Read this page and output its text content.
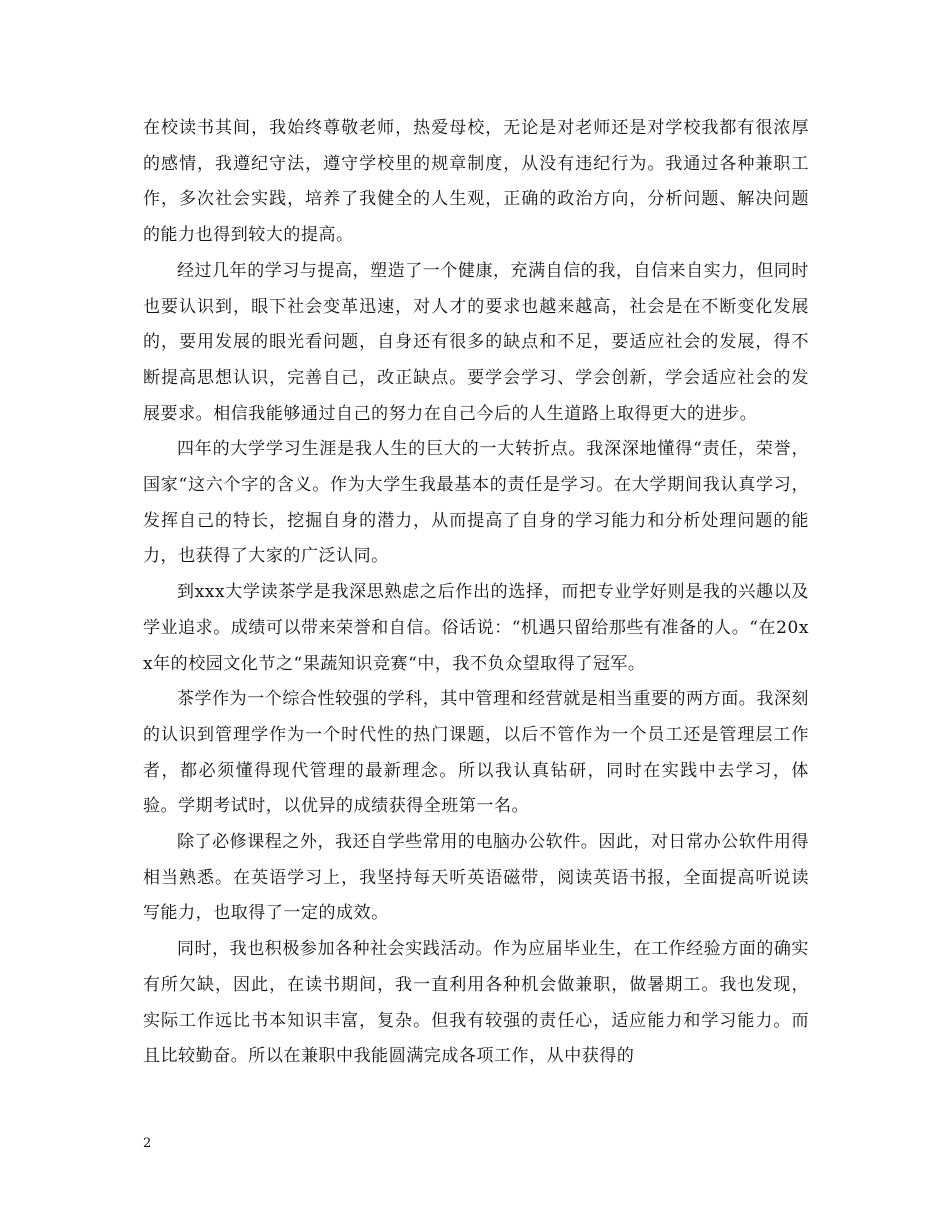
在校读书其间，我始终尊敬老师，热爱母校，无论是对老师还是对学校我都有很浓厚的感情，我遵纪守法，遵守学校里的规章制度，从没有违纪行为。我通过各种兼职工作，多次社会实践，培养了我健全的人生观，正确的政治方向，分析问题、解决问题的能力也得到较大的提高。

经过几年的学习与提高，塑造了一个健康，充满自信的我，自信来自实力，但同时也要认识到，眼下社会变革迅速，对人才的要求也越来越高，社会是在不断变化发展的，要用发展的眼光看问题，自身还有很多的缺点和不足，要适应社会的发展，得不断提高思想认识，完善自己，改正缺点。要学会学习、学会创新，学会适应社会的发展要求。相信我能够通过自己的努力在自己今后的人生道路上取得更大的进步。

四年的大学学习生涯是我人生的巨大的一大转折点。我深深地懂得“责任，荣誉，国家“这六个字的含义。作为大学生我最基本的责任是学习。在大学期间我认真学习，发挥自己的特长，挖掘自身的潜力，从而提高了自身的学习能力和分析处理问题的能力，也获得了大家的广泛认同。

到xxx大学读茶学是我深思熟虑之后作出的选择，而把专业学好则是我的兴趣以及学业追求。成绩可以带来荣誉和自信。俗话说：“机遇只留给那些有准备的人。“在20xx年的校园文化节之“果蔬知识竞赛“中，我不负众望取得了冠军。

茶学作为一个综合性较强的学科，其中管理和经营就是相当重要的两方面。我深刻的认识到管理学作为一个时代性的热门课题，以后不管作为一个员工还是管理层工作者，都必须懂得现代管理的最新理念。所以我认真钻研，同时在实践中去学习，体验。学期考试时，以优异的成绩获得全班第一名。

除了必修课程之外，我还自学些常用的电脑办公软件。因此，对日常办公软件用得相当熟悉。在英语学习上，我坚持每天听英语磁带，阅读英语书报，全面提高听说读写能力，也取得了一定的成效。

同时，我也积极参加各种社会实践活动。作为应届毕业生，在工作经验方面的确实有所欠缺，因此，在读书期间，我一直利用各种机会做兼职，做暑期工。我也发现，实际工作远比书本知识丰富，复杂。但我有较强的责任心，适应能力和学习能力。而且比较勤奋。所以在兼职中我能圆满完成各项工作，从中获得的

2
